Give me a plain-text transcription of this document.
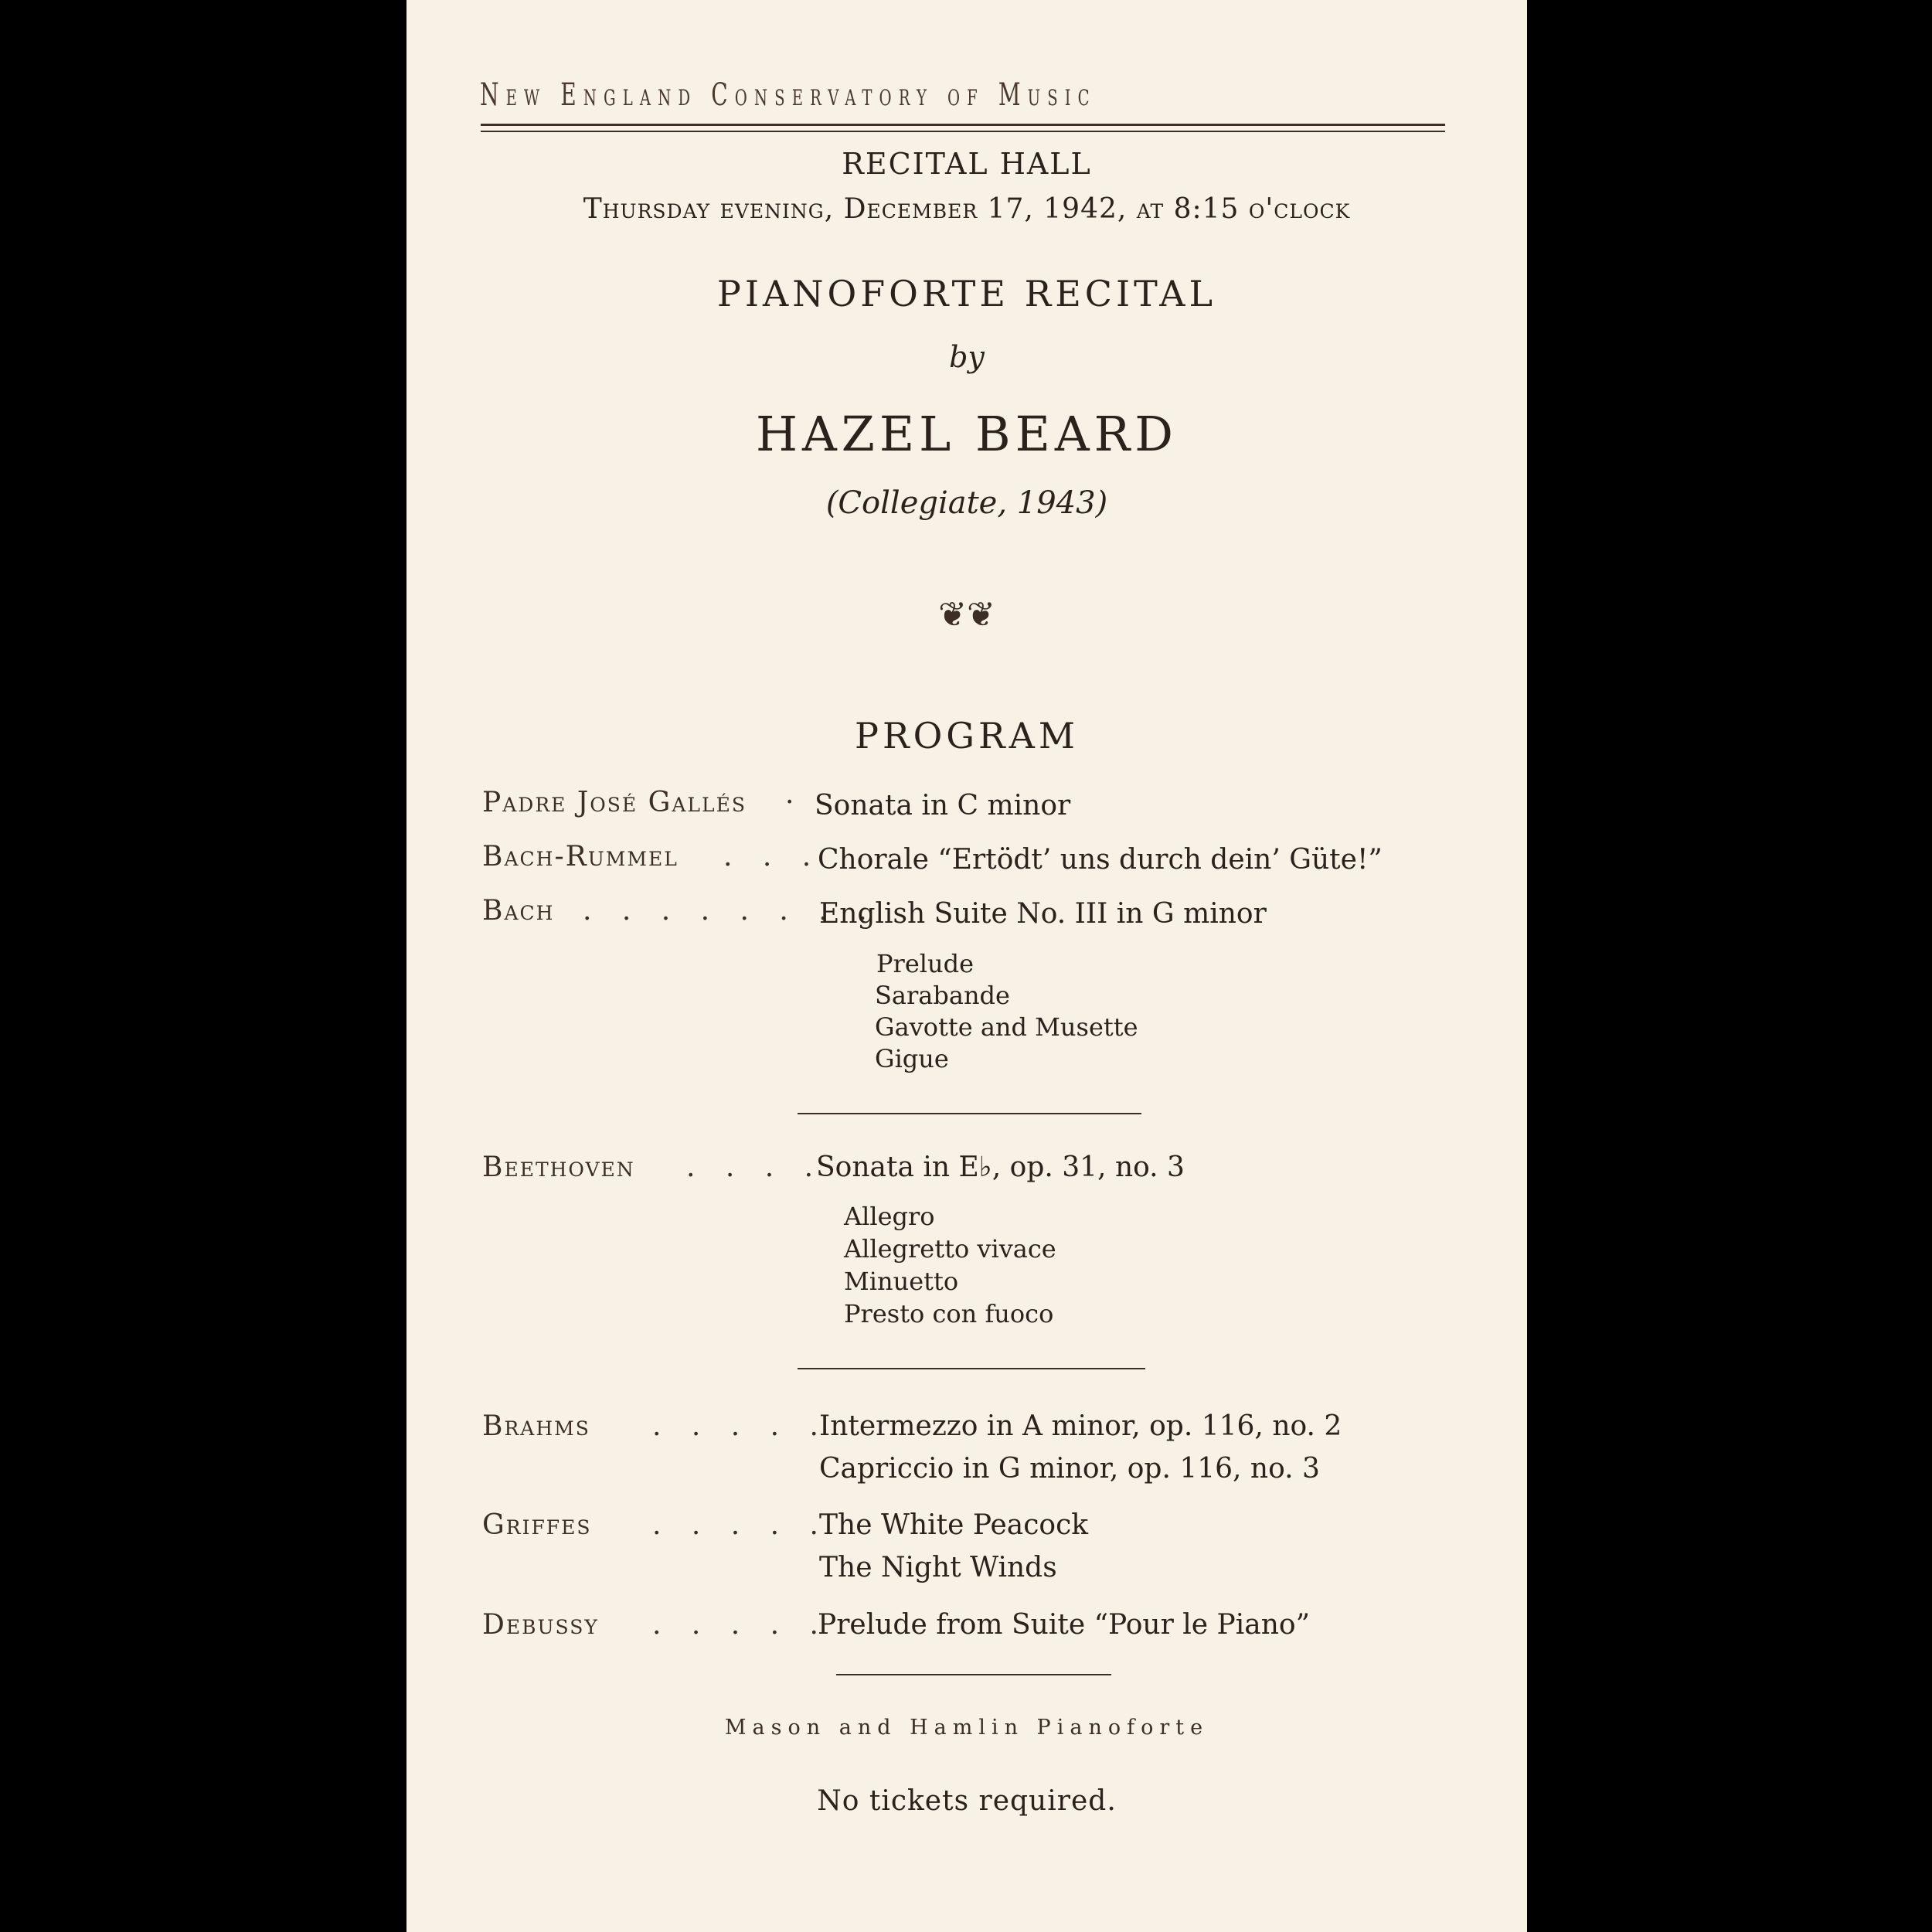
New England Conservatory of Music
RECITAL HALL
Thursday evening, December 17, 1942, at 8:15 o'clock
PIANOFORTE RECITAL
by
HAZEL BEARD
(Collegiate, 1943)
❦❦
PROGRAM
Padre José Gallés · Sonata in C minor
Bach-Rummel . . .
Chorale “Ertödt’ uns durch dein’ Güte!”
Bach . . . . . . . .
English Suite No. III in G minor
Prelude
Sarabande
Gavotte and Musette
Gigue
Beethoven . . . .
Sonata in E♭, op. 31, no. 3
Allegro
Allegretto vivace
Minuetto
Presto con fuoco
Brahms . . . . .
Intermezzo in A minor, op. 116, no. 2
Capriccio in G minor, op. 116, no. 3
Griffes . . . . .
The White Peacock
The Night Winds
Debussy . . . . .
Prelude from Suite “Pour le Piano”
Mason and Hamlin Pianoforte
No tickets required.
